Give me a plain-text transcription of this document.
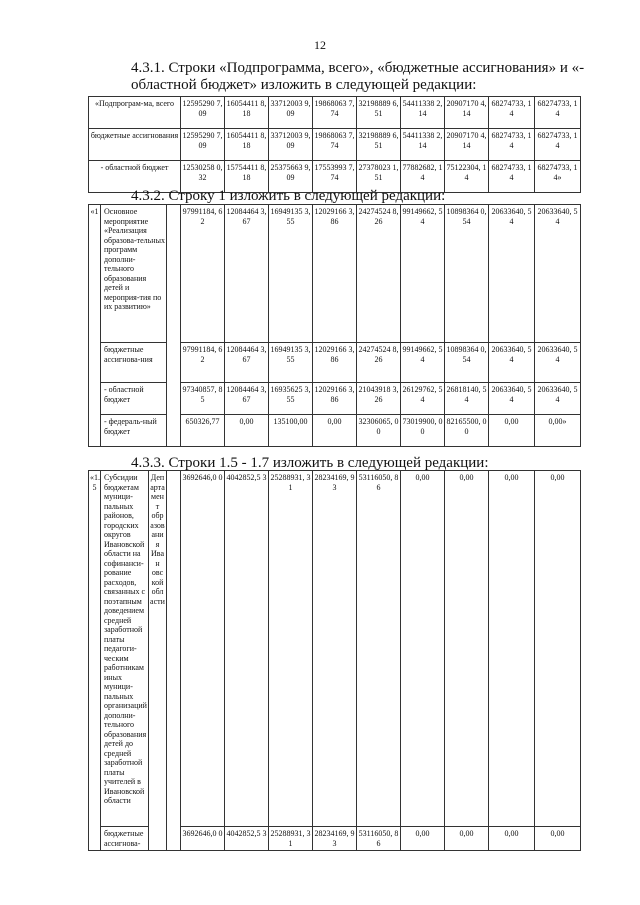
12

4.3.1. Строки «Подпрограмма, всего», «бюджетные ассигнования» и «- областной бюджет» изложить в следующей редакции:

«Подпрограм-ма, всего	12595290 7,09	16054411 8,18	33712003 9,09	19868063 7,74	32198889 6,51	54411338 2,14	20907170 4,14	68274733, 14	68274733, 14
бюджетные ассигнования	12595290 7,09	16054411 8,18	33712003 9,09	19868063 7,74	32198889 6,51	54411338 2,14	20907170 4,14	68274733, 14	68274733, 14
- областной бюджет	12530258 0,32	15754411 8,18	25375663 9,09	17553993 7,74	27378023 1,51	77882682, 14	75122304, 14	68274733, 14	68274733, 14»

4.3.2. Строку 1 изложить в следующей редакции:

«1	Основное мероприятие «Реализация образова-тельных программ дополни-тельного образования детей и мероприя-тия по их развитию»		97991184, 62	12084464 3,67	16949135 3,55	12029166 3,86	24274524 8,26	99149662, 54	10898364 0,54	20633640, 54	20633640, 54
	бюджетные ассигнова-ния		97991184, 62	12084464 3,67	16949135 3,55	12029166 3,86	24274524 8,26	99149662, 54	10898364 0,54	20633640, 54	20633640, 54
	- областной бюджет		97340857, 85	12084464 3,67	16935625 3,55	12029166 3,86	21043918 3,26	26129762, 54	26818140, 54	20633640, 54	20633640, 54
	- федераль-ный бюджет		650326,77	0,00	135100,00	0,00	32306065, 00	73019900, 00	82165500, 00	0,00	0,00»

4.3.3. Строки 1.5 - 1.7 изложить в следующей редакции:

«1.5	Субсидии бюджетам муници-пальных районов, городских округов Ивановской области на софинанси-рование расходов, связанных с поэтапным доведением средней заработной платы педагоги-ческим работникам иных муници-пальных организаций дополни-тельного образования детей до средней заработной платы учителей в Ивановской области	Деп арта мен т обр азов ани я Иван овс кой обл асти		3692646,0 0	4042852,5 3	25288931, 31	28234169, 93	53116050, 86	0,00	0,00	0,00	0,00
	бюджетные ассигнова-			3692646,0 0	4042852,5 3	25288931, 31	28234169, 93	53116050, 86	0,00	0,00	0,00	0,00
